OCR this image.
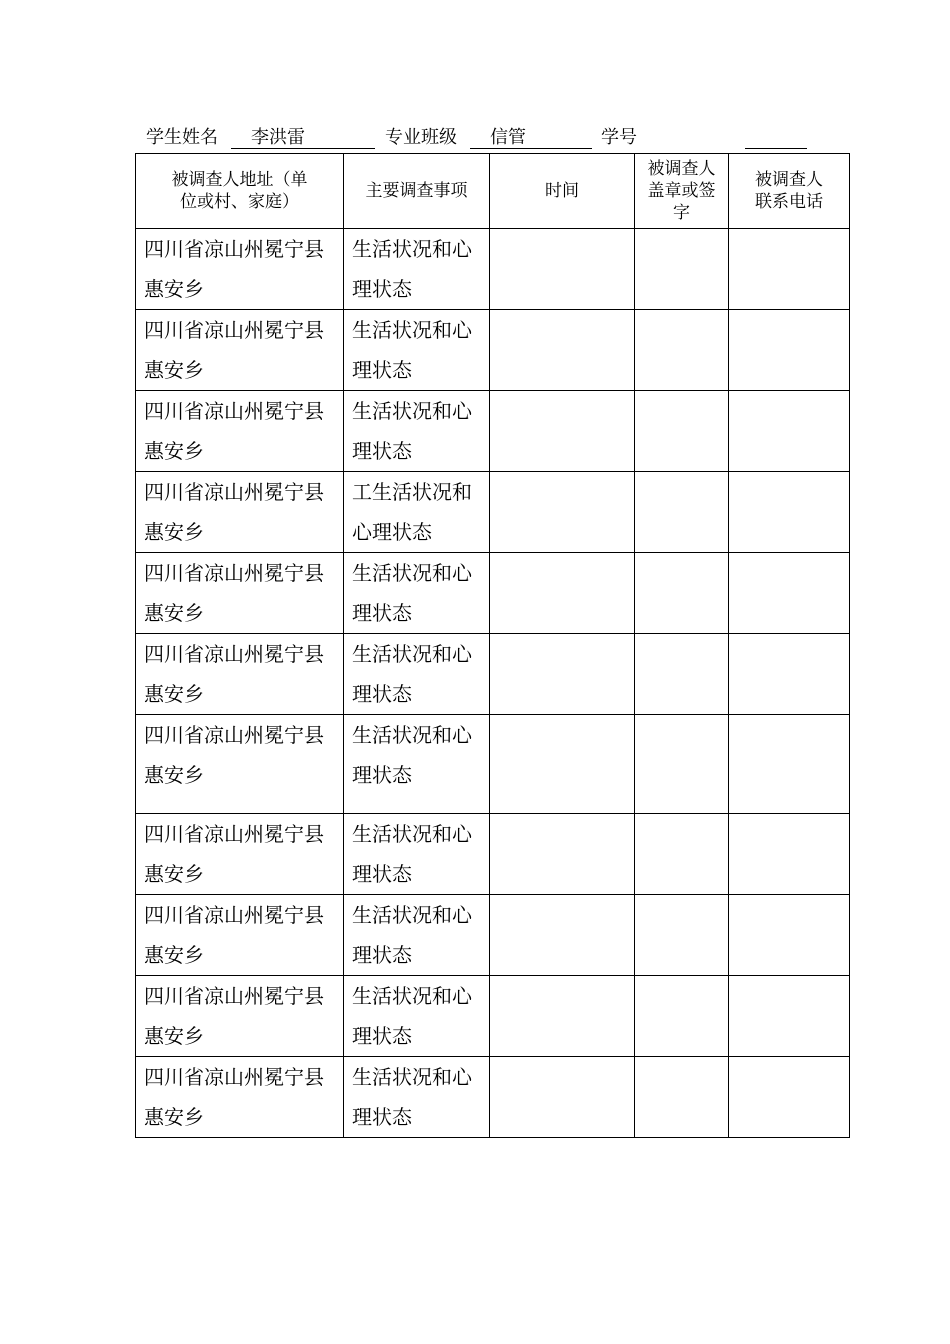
学生姓名	李洪雷	专业班级	信管	学号
被调查人地址（单位或村、家庭）	主要调查事项	时间	被调查人盖章或签字	被调查人联系电话

四川省凉山州冕宁县惠安乡	生活状况和心理状态			

四川省凉山州冕宁县惠安乡	生活状况和心理状态			

四川省凉山州冕宁县惠安乡	生活状况和心理状态			

四川省凉山州冕宁县惠安乡	工生活状况和心理状态			

四川省凉山州冕宁县惠安乡	生活状况和心理状态			

四川省凉山州冕宁县惠安乡	生活状况和心理状态			

四川省凉山州冕宁县惠安乡	生活状况和心理状态			

四川省凉山州冕宁县惠安乡	生活状况和心理状态			

四川省凉山州冕宁县惠安乡	生活状况和心理状态			

四川省凉山州冕宁县惠安乡	生活状况和心理状态			

四川省凉山州冕宁县惠安乡	生活状况和心理状态			
